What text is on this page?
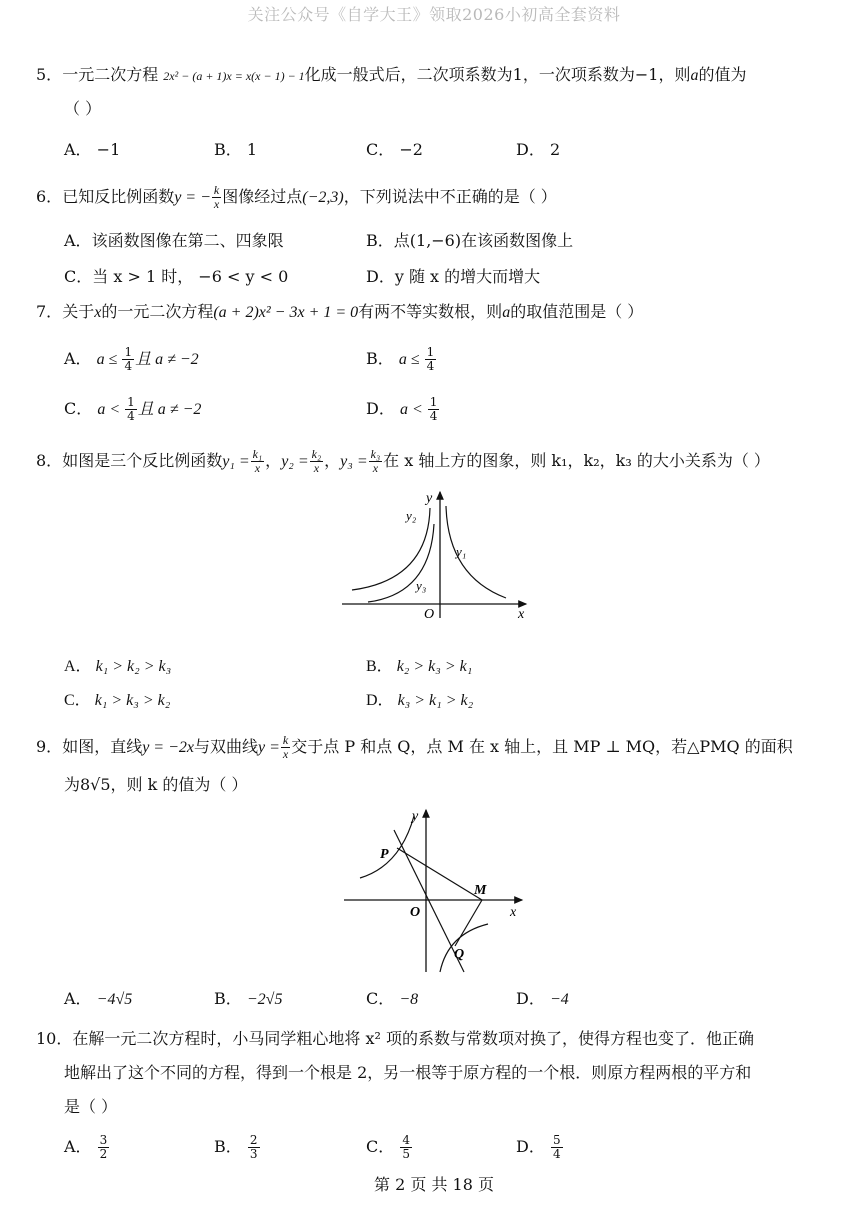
关注公众号《自学大王》领取2026小初高全套资料
5．一元二次方程 2x² − (a + 1)x = x(x − 1) − 1化成一般式后，二次项系数为1，一次项系数为−1，则a的值为
（ ）
A． −1	B． 1	C． −2	D． 2
6．已知反比例函数y = − $\frac{k}{x}$ 图像经过点(−2,3)，下列说法中不正确的是（ ）
A．该函数图像在第二、四象限	B．点(1,−6)在该函数图像上
C．当 x > 1 时， −6 < y < 0	D．y 随 x 的增大而增大
7．关于x的一元二次方程(a + 2)x² − 3x + 1 = 0有两不等实数根，则a的取值范围是（ ）
A． $a \le \frac{1}{4}$ 且 a ≠ −2	B． $a \le \frac{1}{4}$
C． $a < \frac{1}{4}$ 且 a ≠ −2	D． $a < \frac{1}{4}$
8．如图是三个反比例函数$y_1 = \frac{\text{k₁}}{x}$ ，$y_2 = \frac{\text{k₂}}{x}$ ，$y_3 = \frac{\text{k₃}}{x}$ 在 x 轴上方的图象，则 k₁，k₂，k₃ 的大小关系为（ ）
y
x
O
y₁
y₂
y₃
A． k₁ > k₂ > k₃	B． k₂ > k₃ > k₁
C． k₁ > k₃ > k₂	D． k₃ > k₁ > k₂
9．如图，直线y = −2x与双曲线$y = \frac{k}{x}$ 交于点 P 和点 Q，点 M 在 x 轴上，且 MP ⊥ MQ，若△PMQ 的面积
为8√5，则 k 的值为（ ）
y
x
O
P
Q
M
A． −4√5	B． −2√5	C． −8	D． −4
10．在解一元二次方程时，小马同学粗心地将 x² 项的系数与常数项对换了，使得方程也变了．他正确
地解出了这个不同的方程，得到一个根是 2，另一根等于原方程的一个根．则原方程两根的平方和
是（ ）
A． $\frac{3}{2}$	B． $\frac{2}{3}$	C． $\frac{4}{5}$	D． $\frac{5}{4}$
第 2 页 共 18 页
